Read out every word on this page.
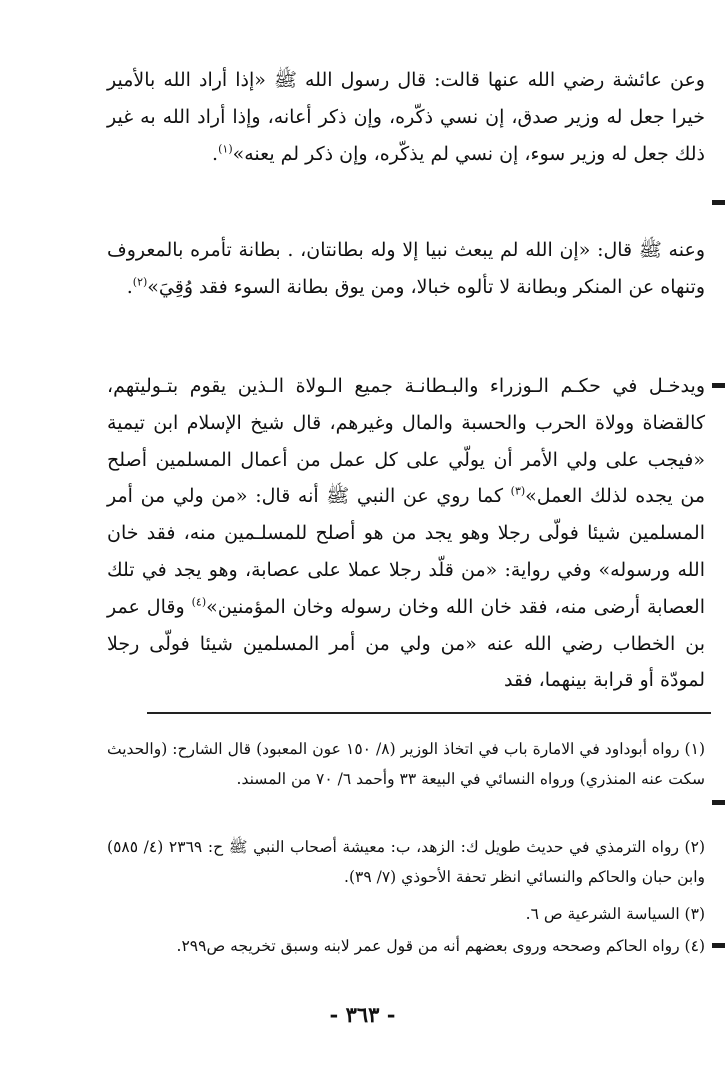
وعن عائشة رضي الله عنها قالت: قال رسول الله ﷺ «إذا أراد الله بالأمير خيرا جعل له وزير صدق، إن نسي ذكّره، وإن ذكر أعانه، وإذا أراد الله به غير ذلك جعل له وزير سوء، إن نسي لم يذكّره، وإن ذكر لم يعنه»$^{(١)}$.

وعنه ﷺ قال: «إن الله لم يبعث نبيا إلا وله بطانتان، . بطانة تأمره بالمعروف وتنهاه عن المنكر وبطانة لا تألوه خبالا، ومن يوق بطانة السوء فقد وُقِيَ»$^{(٢)}$.

ويدخـل في حكـم الـوزراء والبـطانـة جميع الـولاة الـذين يقوم بتـوليتهم، كالقضاة وولاة الحرب والحسبة والمال وغيرهم، قال شيخ الإسلام ابن تيمية «فيجب على ولي الأمر أن يولّي على كل عمل من أعمال المسلمين أصلح من يجده لذلك العمل»$^{(٣)}$ كما روي عن النبي ﷺ أنه قال: «من ولي من أمر المسلمين شيئا فولّى رجلا وهو يجد من هو أصلح للمسلـمين منه، فقد خان الله ورسوله» وفي رواية: «من قلّد رجلا عملا على عصابة، وهو يجد في تلك العصابة أرضى منه، فقد خان الله وخان رسوله وخان المؤمنين»$^{(٤)}$ وقال عمر بن الخطاب رضي الله عنه «من ولي من أمر المسلمين شيئا فولّى رجلا لمودّة أو قرابة بينهما، فقد

(١) رواه أبوداود في الامارة باب في اتخاذ الوزير (٨/ ١٥٠ عون المعبود) قال الشارح: (والحديث سكت عنه المنذري) ورواه النسائي في البيعة ٣٣ وأحمد ٦/ ٧٠ من المسند.

(٢) رواه الترمذي في حديث طويل ك: الزهد، ب: معيشة أصحاب النبي ﷺ ح: ٢٣٦٩ (٤/ ٥٨٥) وابن حبان والحاكم والنسائي انظر تحفة الأحوذي (٧/ ٣٩).

(٣) السياسة الشرعية ص ٦.

(٤) رواه الحاكم وصححه وروى بعضهم أنه من قول عمر لابنه وسبق تخريجه ص٢٩٩.

- ٣٦٣ -
